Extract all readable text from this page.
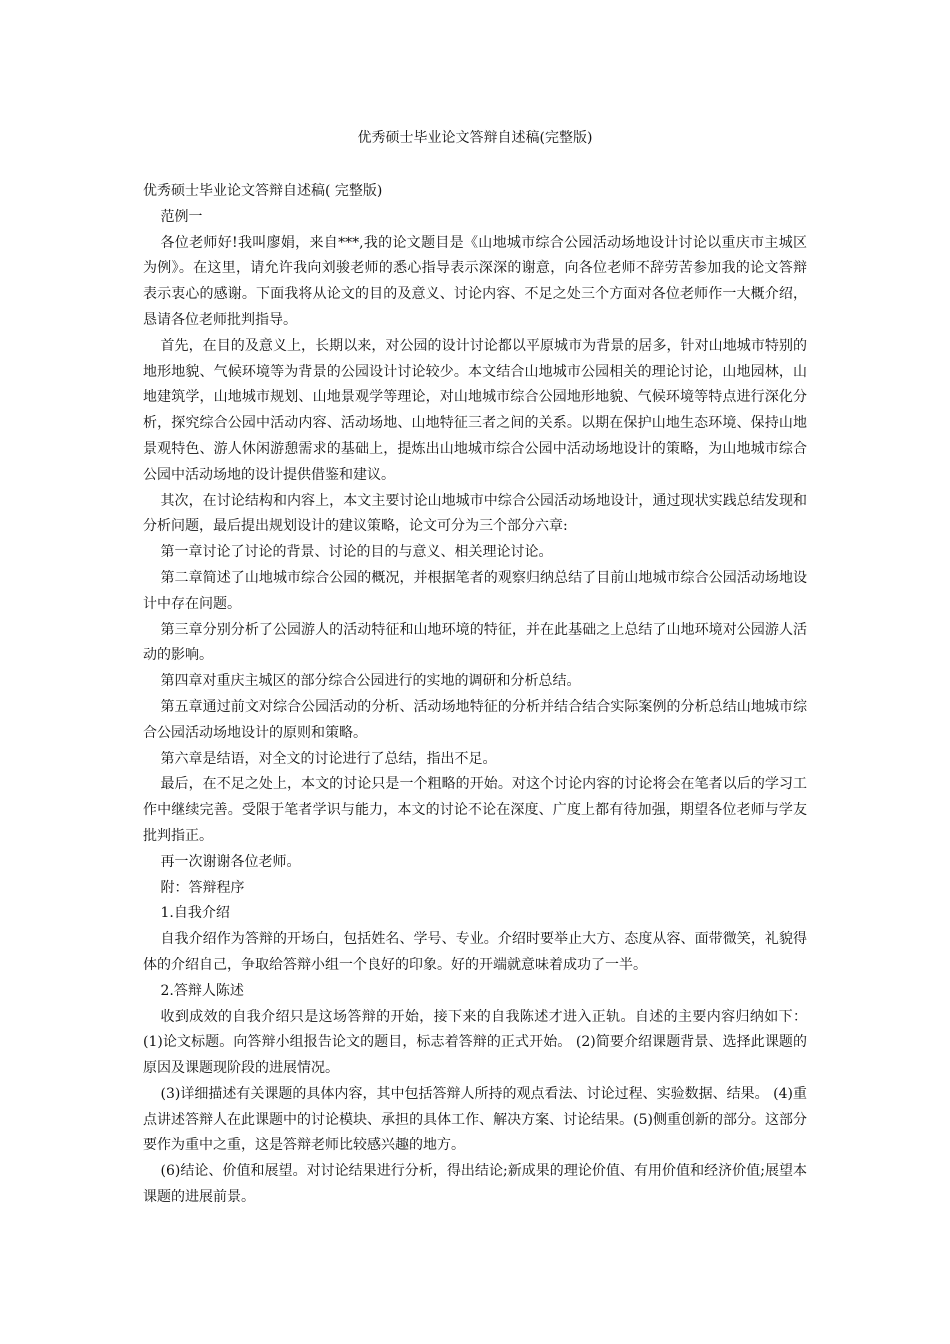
优秀硕士毕业论文答辩自述稿(完整版)

优秀硕士毕业论文答辩自述稿( 完整版)

范例一

各位老师好!我叫廖娟，来自***,我的论文题目是《山地城市综合公园活动场地设计讨论以重庆市主城区为例》。在这里，请允许我向刘骏老师的悉心指导表示深深的谢意，向各位老师不辞劳苦参加我的论文答辩表示衷心的感谢。下面我将从论文的目的及意义、讨论内容、不足之处三个方面对各位老师作一大概介绍，恳请各位老师批判指导。

首先，在目的及意义上，长期以来，对公园的设计讨论都以平原城市为背景的居多，针对山地城市特别的地形地貌、气候环境等为背景的公园设计讨论较少。本文结合山地城市公园相关的理论讨论，山地园林，山地建筑学，山地城市规划、山地景观学等理论，对山地城市综合公园地形地貌、气候环境等特点进行深化分析，探究综合公园中活动内容、活动场地、山地特征三者之间的关系。以期在保护山地生态环境、保持山地景观特色、游人休闲游憩需求的基础上，提炼出山地城市综合公园中活动场地设计的策略，为山地城市综合公园中活动场地的设计提供借鉴和建议。

其次，在讨论结构和内容上，本文主要讨论山地城市中综合公园活动场地设计，通过现状实践总结发现和分析问题，最后提出规划设计的建议策略，论文可分为三个部分六章:

第一章讨论了讨论的背景、讨论的目的与意义、相关理论讨论。

第二章简述了山地城市综合公园的概况，并根据笔者的观察归纳总结了目前山地城市综合公园活动场地设计中存在问题。

第三章分别分析了公园游人的活动特征和山地环境的特征，并在此基础之上总结了山地环境对公园游人活动的影响。

第四章对重庆主城区的部分综合公园进行的实地的调研和分析总结。

第五章通过前文对综合公园活动的分析、活动场地特征的分析并结合结合实际案例的分析总结山地城市综合公园活动场地设计的原则和策略。

第六章是结语，对全文的讨论进行了总结，指出不足。

最后，在不足之处上，本文的讨论只是一个粗略的开始。对这个讨论内容的讨论将会在笔者以后的学习工作中继续完善。受限于笔者学识与能力，本文的讨论不论在深度、广度上都有待加强，期望各位老师与学友批判指正。

再一次谢谢各位老师。

附：答辩程序

1.自我介绍

自我介绍作为答辩的开场白，包括姓名、学号、专业。介绍时要举止大方、态度从容、面带微笑，礼貌得体的介绍自己，争取给答辩小组一个良好的印象。好的开端就意味着成功了一半。

2.答辩人陈述

收到成效的自我介绍只是这场答辩的开始，接下来的自我陈述才进入正轨。自述的主要内容归纳如下： (1)论文标题。向答辩小组报告论文的题目，标志着答辩的正式开始。 (2)简要介绍课题背景、选择此课题的原因及课题现阶段的进展情况。

(3)详细描述有关课题的具体内容，其中包括答辩人所持的观点看法、讨论过程、实验数据、结果。 (4)重点讲述答辩人在此课题中的讨论模块、承担的具体工作、解决方案、讨论结果。(5)侧重创新的部分。这部分要作为重中之重，这是答辩老师比较感兴趣的地方。

(6)结论、价值和展望。对讨论结果进行分析，得出结论;新成果的理论价值、有用价值和经济价值;展望本课题的进展前景。
